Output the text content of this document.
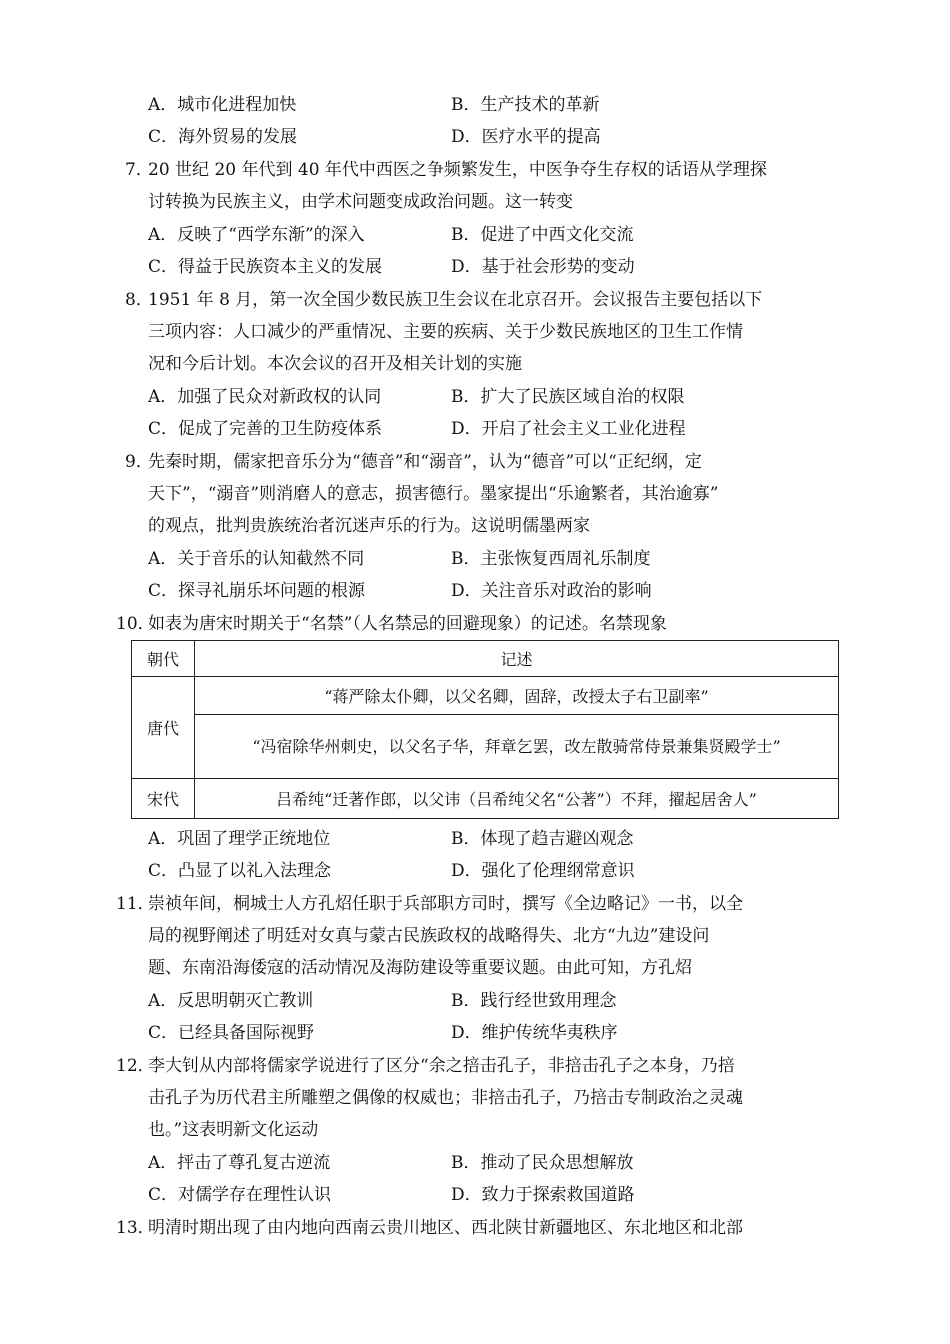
A．城市化进程加快	B．生产技术的革新
C．海外贸易的发展	D．医疗水平的提高
7．
20 世纪 20 年代到 40 年代中西医之争频繁发生，中医争夺生存权的话语从学理探
讨转换为民族主义，由学术问题变成政治问题。这一转变
A．反映了“西学东渐”的深入	B．促进了中西文化交流
C．得益于民族资本主义的发展	D．基于社会形势的变动
8．
1951 年 8 月，第一次全国少数民族卫生会议在北京召开。会议报告主要包括以下
三项内容：人口减少的严重情况、主要的疾病、关于少数民族地区的卫生工作情
况和今后计划。本次会议的召开及相关计划的实施
A．加强了民众对新政权的认同	B．扩大了民族区域自治的权限
C．促成了完善的卫生防疫体系	D．开启了社会主义工业化进程
9．
先秦时期，儒家把音乐分为“德音”和“溺音”，认为“德音”可以“正纪纲，定
天下”，“溺音”则消磨人的意志，损害德行。墨家提出“乐逾繁者，其治逾寡”
的观点，批判贵族统治者沉迷声乐的行为。这说明儒墨两家
A．关于音乐的认知截然不同	B．主张恢复西周礼乐制度
C．探寻礼崩乐坏问题的根源	D．关注音乐对政治的影响
10．
如表为唐宋时期关于“名禁”（人名禁忌的回避现象）的记述。名禁现象
朝代	记述
唐代	“蒋严除太仆卿，以父名卿，固辞，改授太子右卫副率”
	“冯宿除华州刺史，以父名子华，拜章乞罢，改左散骑常侍景兼集贤殿学士”
宋代	吕希纯“迁著作郎，以父讳（吕希纯父名“公著”）不拜，擢起居舍人”
A．巩固了理学正统地位	B．体现了趋吉避凶观念
C．凸显了以礼入法理念	D．强化了伦理纲常意识
11．
崇祯年间，桐城士人方孔炤任职于兵部职方司时，撰写《全边略记》一书，以全
局的视野阐述了明廷对女真与蒙古民族政权的战略得失、北方“九边”建设问
题、东南沿海倭寇的活动情况及海防建设等重要议题。由此可知，方孔炤
A．反思明朝灭亡教训	B．践行经世致用理念
C．已经具备国际视野	D．维护传统华夷秩序
12．
李大钊从内部将儒家学说进行了区分“余之掊击孔子，非掊击孔子之本身，乃掊
击孔子为历代君主所雕塑之偶像的权威也；非掊击孔子，乃掊击专制政治之灵魂
也。”这表明新文化运动
A．抨击了尊孔复古逆流	B．推动了民众思想解放
C．对儒学存在理性认识	D．致力于探索救国道路
13．
明清时期出现了由内地向西南云贵川地区、西北陕甘新疆地区、东北地区和北部
